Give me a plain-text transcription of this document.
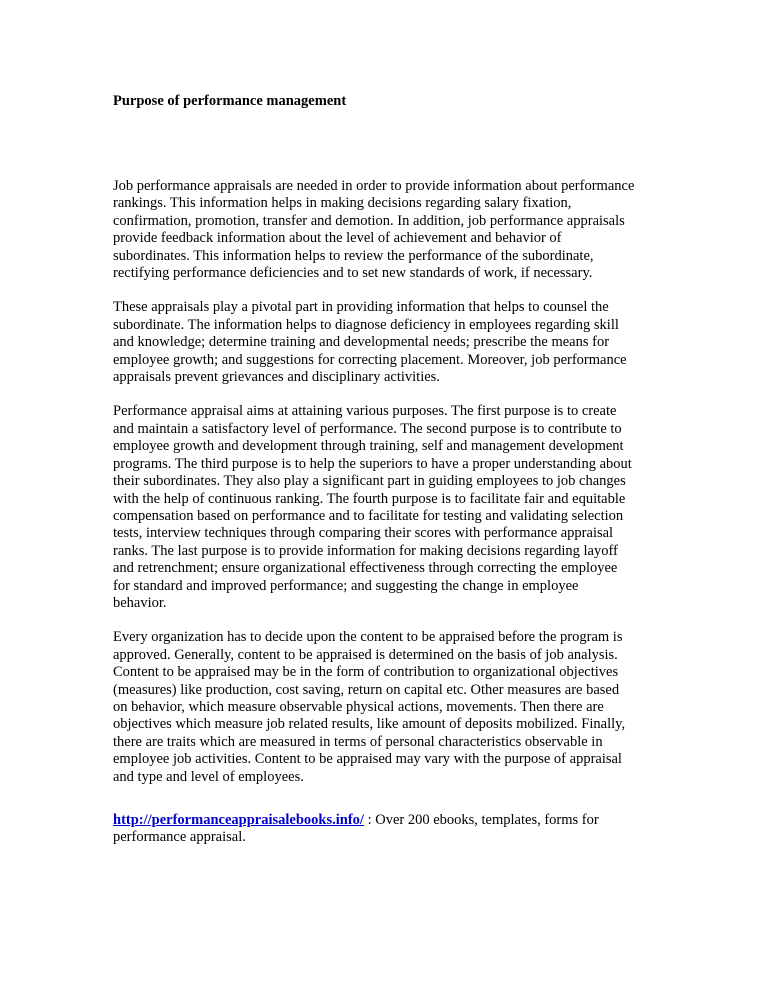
Purpose of performance management

Job performance appraisals are needed in order to provide information about performance
rankings. This information helps in making decisions regarding salary fixation,
confirmation, promotion, transfer and demotion. In addition, job performance appraisals
provide feedback information about the level of achievement and behavior of
subordinates. This information helps to review the performance of the subordinate,
rectifying performance deficiencies and to set new standards of work, if necessary.

These appraisals play a pivotal part in providing information that helps to counsel the
subordinate. The information helps to diagnose deficiency in employees regarding skill
and knowledge; determine training and developmental needs; prescribe the means for
employee growth; and suggestions for correcting placement. Moreover, job performance
appraisals prevent grievances and disciplinary activities.

Performance appraisal aims at attaining various purposes. The first purpose is to create
and maintain a satisfactory level of performance. The second purpose is to contribute to
employee growth and development through training, self and management development
programs. The third purpose is to help the superiors to have a proper understanding about
their subordinates. They also play a significant part in guiding employees to job changes
with the help of continuous ranking. The fourth purpose is to facilitate fair and equitable
compensation based on performance and to facilitate for testing and validating selection
tests, interview techniques through comparing their scores with performance appraisal
ranks. The last purpose is to provide information for making decisions regarding layoff
and retrenchment; ensure organizational effectiveness through correcting the employee
for standard and improved performance; and suggesting the change in employee
behavior.

Every organization has to decide upon the content to be appraised before the program is
approved. Generally, content to be appraised is determined on the basis of job analysis.
Content to be appraised may be in the form of contribution to organizational objectives
(measures) like production, cost saving, return on capital etc. Other measures are based
on behavior, which measure observable physical actions, movements. Then there are
objectives which measure job related results, like amount of deposits mobilized. Finally,
there are traits which are measured in terms of personal characteristics observable in
employee job activities. Content to be appraised may vary with the purpose of appraisal
and type and level of employees.

http://performanceappraisalebooks.info/ : Over 200 ebooks, templates, forms for
performance appraisal.
